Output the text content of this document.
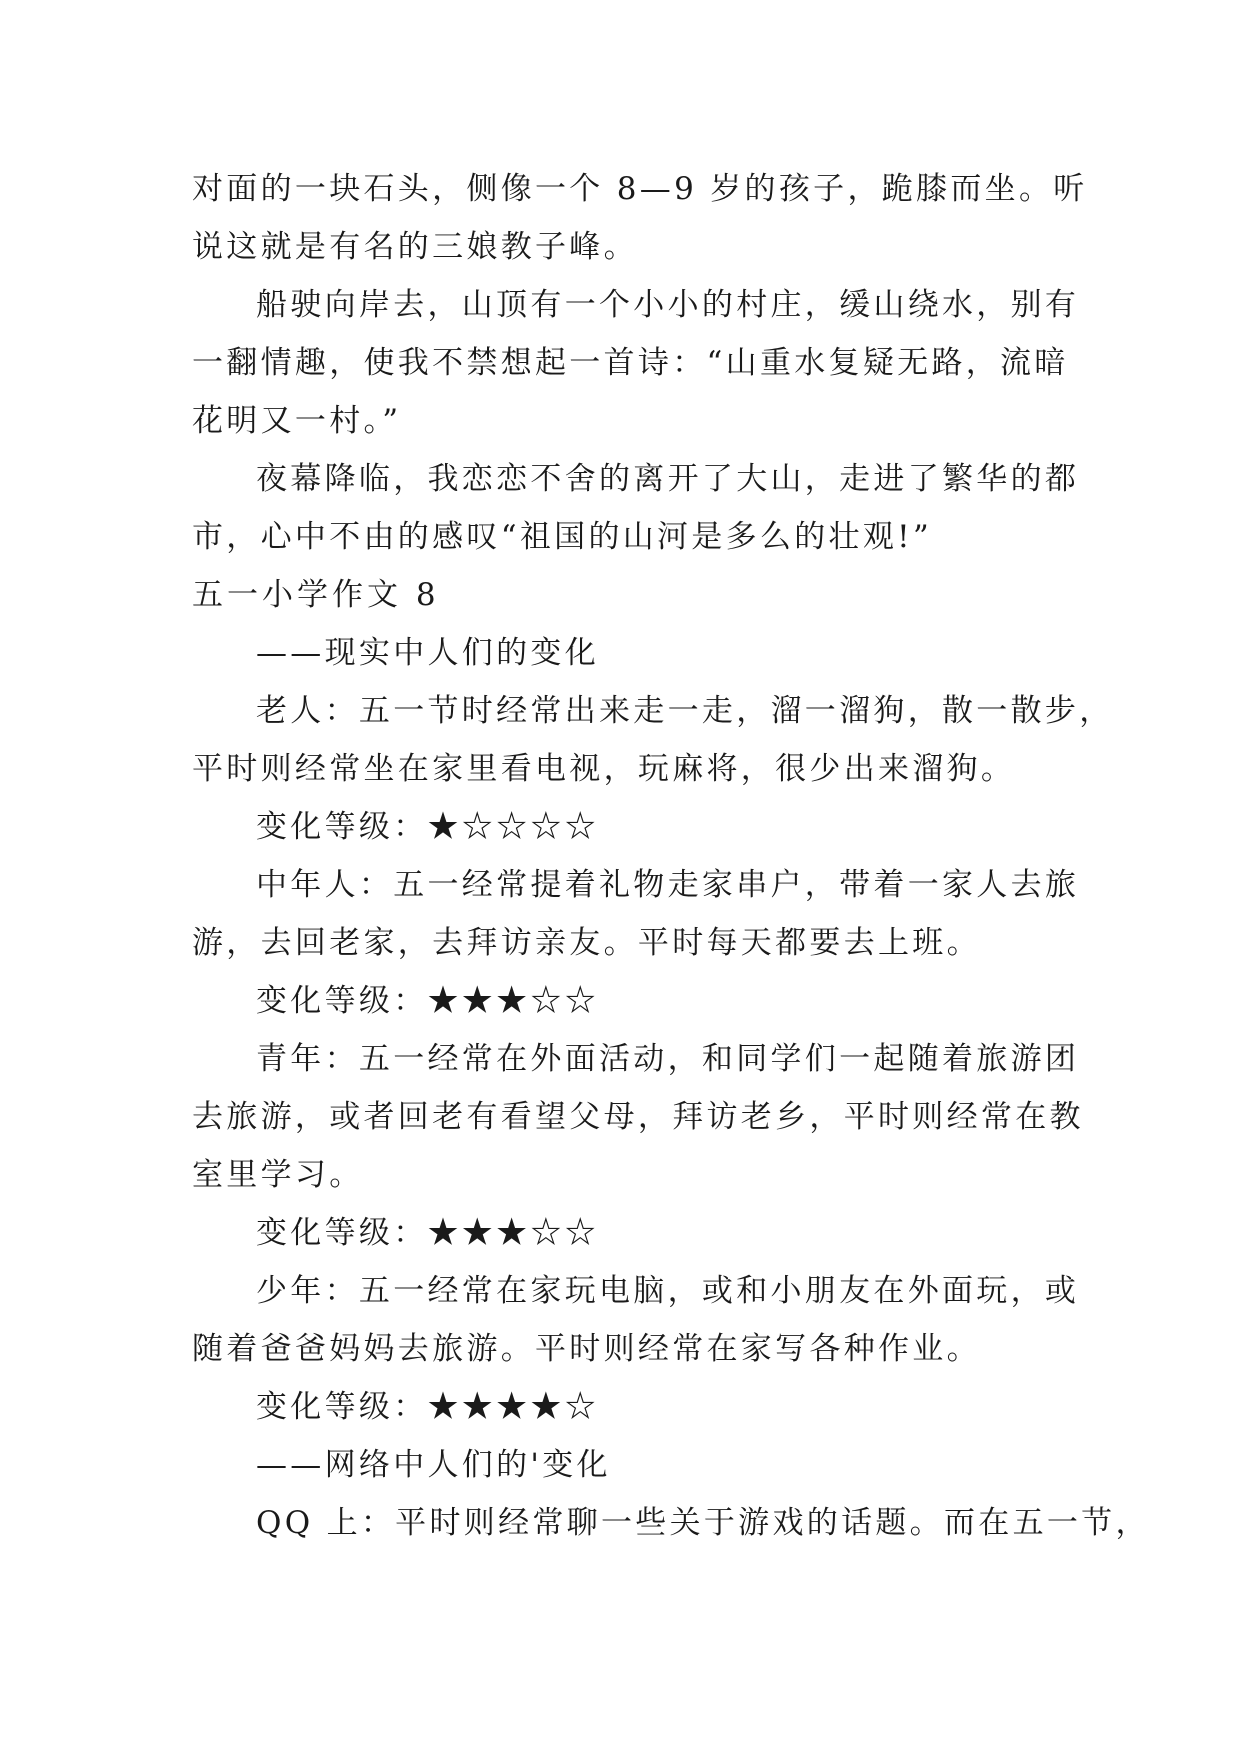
对面的一块石头，侧像一个 8—9 岁的孩子，跪膝而坐。听
说这就是有名的三娘教子峰。
船驶向岸去，山顶有一个小小的村庄，缓山绕水，别有
一翻情趣，使我不禁想起一首诗：“山重水复疑无路，流暗
花明又一村。”
夜幕降临，我恋恋不舍的离开了大山，走进了繁华的都
市，心中不由的感叹“祖国的山河是多么的壮观!”
五一小学作文 8
——现实中人们的变化
老人：五一节时经常出来走一走，溜一溜狗，散一散步，
平时则经常坐在家里看电视，玩麻将，很少出来溜狗。
变化等级：★☆☆☆☆
中年人：五一经常提着礼物走家串户，带着一家人去旅
游，去回老家，去拜访亲友。平时每天都要去上班。
变化等级：★★★☆☆
青年：五一经常在外面活动，和同学们一起随着旅游团
去旅游，或者回老有看望父母，拜访老乡，平时则经常在教
室里学习。
变化等级：★★★☆☆
少年：五一经常在家玩电脑，或和小朋友在外面玩，或
随着爸爸妈妈去旅游。平时则经常在家写各种作业。
变化等级：★★★★☆
——网络中人们的'变化
QQ 上：平时则经常聊一些关于游戏的话题。而在五一节，
